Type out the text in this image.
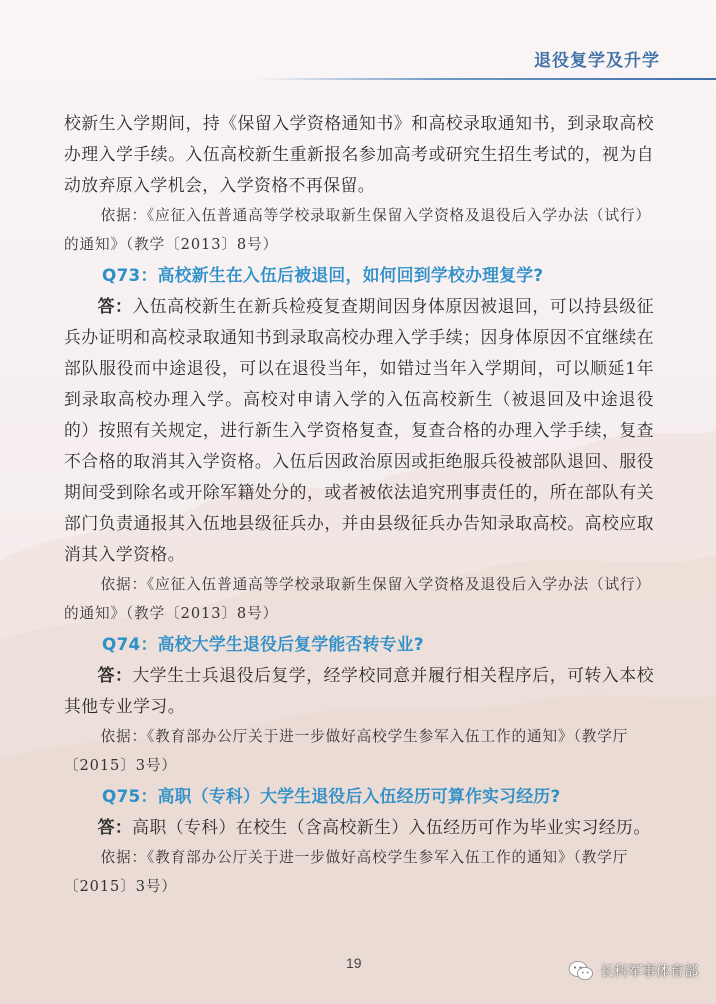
退役复学及升学
校新生入学期间，持《保留入学资格通知书》和高校录取通知书，到录取高校办理入学手续。入伍高校新生重新报名参加高考或研究生招生考试的，视为自动放弃原入学机会，入学资格不再保留。
依据：《应征入伍普通高等学校录取新生保留入学资格及退役后入学办法（试行）的通知》（教学〔2013〕8号）
Q73：高校新生在入伍后被退回，如何回到学校办理复学?
答：入伍高校新生在新兵检疫复查期间因身体原因被退回，可以持县级征兵办证明和高校录取通知书到录取高校办理入学手续；因身体原因不宜继续在部队服役而中途退役，可以在退役当年，如错过当年入学期间，可以顺延1年到录取高校办理入学。高校对申请入学的入伍高校新生（被退回及中途退役的）按照有关规定，进行新生入学资格复查，复查合格的办理入学手续，复查不合格的取消其入学资格。入伍后因政治原因或拒绝服兵役被部队退回、服役期间受到除名或开除军籍处分的，或者被依法追究刑事责任的，所在部队有关部门负责通报其入伍地县级征兵办，并由县级征兵办告知录取高校。高校应取消其入学资格。
依据：《应征入伍普通高等学校录取新生保留入学资格及退役后入学办法（试行）的通知》（教学〔2013〕8号）
Q74：高校大学生退役后复学能否转专业?
答：大学生士兵退役后复学，经学校同意并履行相关程序后，可转入本校其他专业学习。
依据：《教育部办公厅关于进一步做好高校学生参军入伍工作的通知》（教学厅〔2015〕3号）
Q75：高职（专科）大学生退役后入伍经历可算作实习经历?
答：高职（专科）在校生（含高校新生）入伍经历可作为毕业实习经历。
依据：《教育部办公厅关于进一步做好高校学生参军入伍工作的通知》（教学厅〔2015〕3号）
19
长科军事体育部
